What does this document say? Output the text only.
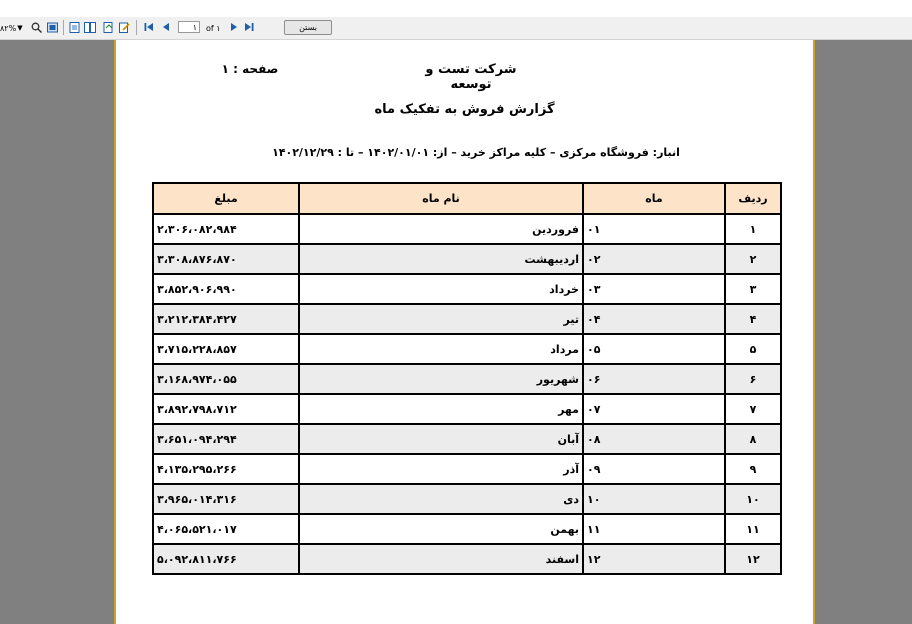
۸۲% ▼	۱	of ۱	بستن
شرکت تست و توسعه
صفحه : ۱
گزارش فروش به تفکیک ماه
انبار: فروشگاه مرکزی – کلیه مراکز خرید – از: ۱۴۰۲/۰۱/۰۱ – تا : ۱۴۰۲/۱۲/۲۹
ردیف	ماه	نام ماه	مبلغ
۱	۰۱	فروردین	۲،۳۰۶،۰۸۲،۹۸۴
۲	۰۲	اردیبهشت	۳،۳۰۸،۸۷۶،۸۷۰
۳	۰۳	خرداد	۳،۸۵۲،۹۰۶،۹۹۰
۴	۰۴	تیر	۳،۲۱۲،۳۸۴،۴۲۷
۵	۰۵	مرداد	۳،۷۱۵،۲۲۸،۸۵۷
۶	۰۶	شهریور	۳،۱۶۸،۹۷۴،۰۵۵
۷	۰۷	مهر	۳،۸۹۲،۷۹۸،۷۱۲
۸	۰۸	آبان	۳،۶۵۱،۰۹۴،۲۹۴
۹	۰۹	آذر	۴،۱۳۵،۲۹۵،۲۶۶
۱۰	۱۰	دی	۳،۹۶۵،۰۱۴،۳۱۶
۱۱	۱۱	بهمن	۴،۰۶۵،۵۲۱،۰۱۷
۱۲	۱۲	اسفند	۵،۰۹۲،۸۱۱،۷۶۶
